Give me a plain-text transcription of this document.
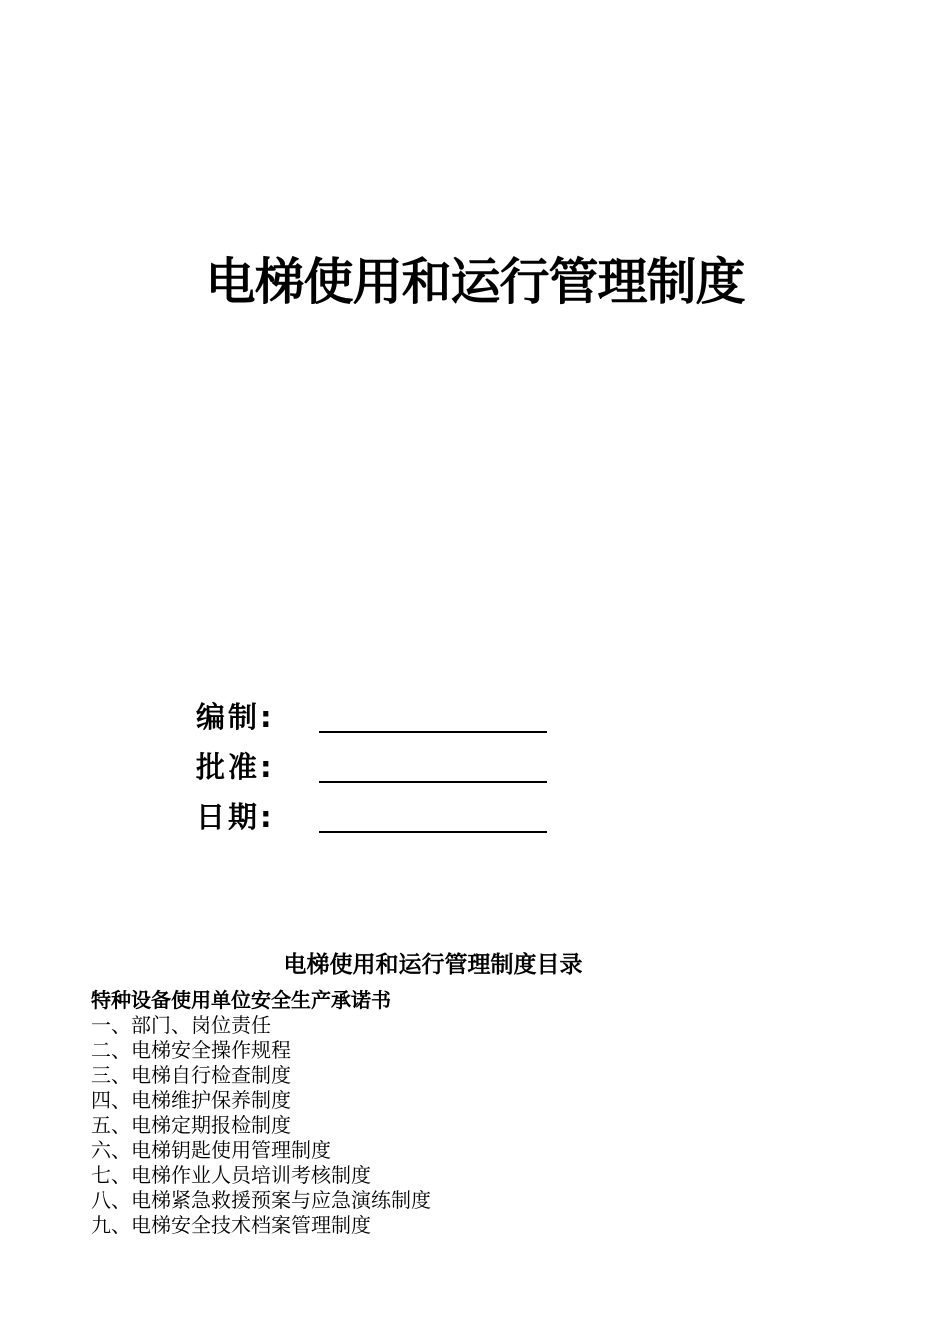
电梯使用和运行管理制度
编制:
批准:
日期:
电梯使用和运行管理制度目录
特种设备使用单位安全生产承诺书
一、部门、岗位责任
二、电梯安全操作规程
三、电梯自行检查制度
四、电梯维护保养制度
五、电梯定期报检制度
六、电梯钥匙使用管理制度
七、电梯作业人员培训考核制度
八、电梯紧急救援预案与应急演练制度
九、电梯安全技术档案管理制度
